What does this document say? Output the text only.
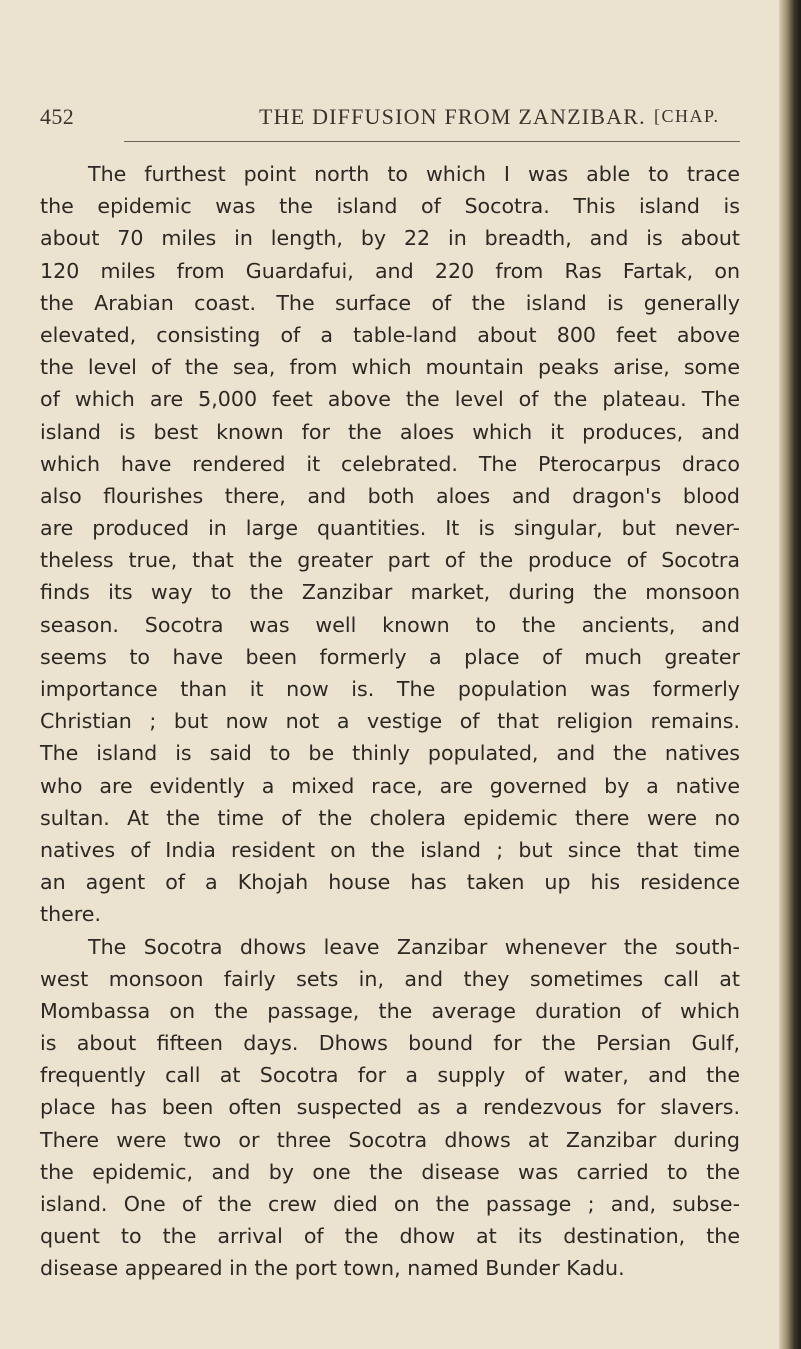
452	THE DIFFUSION FROM ZANZIBAR. [CHAP.
The furthest point north to which I was able to trace
the epidemic was the island of Socotra. This island is
about 70 miles in length, by 22 in breadth, and is about
120 miles from Guardafui, and 220 from Ras Fartak, on
the Arabian coast. The surface of the island is generally
elevated, consisting of a table-land about 800 feet above
the level of the sea, from which mountain peaks arise, some
of which are 5,000 feet above the level of the plateau. The
island is best known for the aloes which it produces, and
which have rendered it celebrated. The Pterocarpus draco
also flourishes there, and both aloes and dragon's blood
are produced in large quantities. It is singular, but never-
theless true, that the greater part of the produce of Socotra
finds its way to the Zanzibar market, during the monsoon
season. Socotra was well known to the ancients, and
seems to have been formerly a place of much greater
importance than it now is. The population was formerly
Christian ; but now not a vestige of that religion remains.
The island is said to be thinly populated, and the natives
who are evidently a mixed race, are governed by a native
sultan. At the time of the cholera epidemic there were no
natives of India resident on the island ; but since that time
an agent of a Khojah house has taken up his residence
there.
The Socotra dhows leave Zanzibar whenever the south-
west monsoon fairly sets in, and they sometimes call at
Mombassa on the passage, the average duration of which
is about fifteen days. Dhows bound for the Persian Gulf,
frequently call at Socotra for a supply of water, and the
place has been often suspected as a rendezvous for slavers.
There were two or three Socotra dhows at Zanzibar during
the epidemic, and by one the disease was carried to the
island. One of the crew died on the passage ; and, subse-
quent to the arrival of the dhow at its destination, the
disease appeared in the port town, named Bunder Kadu.
